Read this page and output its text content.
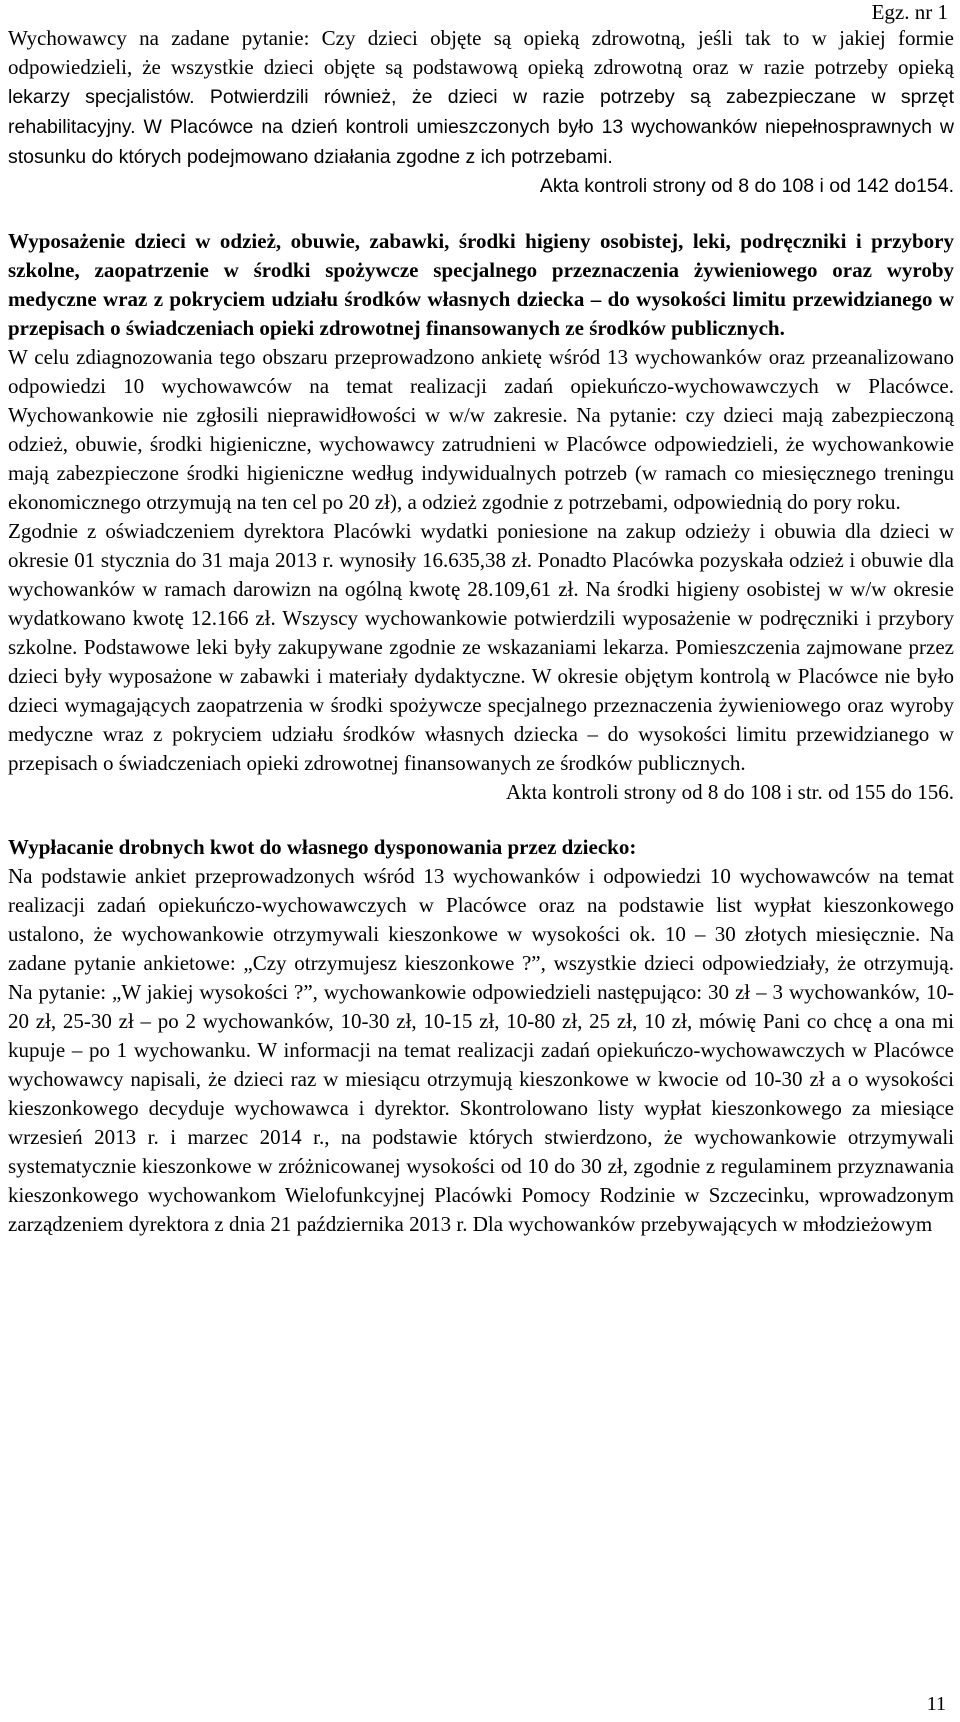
Egz. nr 1

Wychowawcy na zadane pytanie: Czy dzieci objęte są opieką zdrowotną, jeśli tak to w jakiej formie odpowiedzieli, że wszystkie dzieci objęte są podstawową opieką zdrowotną oraz w razie potrzeby opieką lekarzy specjalistów. Potwierdzili również, że dzieci w razie potrzeby są zabezpieczane w sprzęt rehabilitacyjny. W Placówce na dzień kontroli umieszczonych było 13 wychowanków niepełnosprawnych w stosunku do których podejmowano działania zgodne z ich potrzebami.

Akta kontroli strony od 8 do 108 i od 142 do154.

Wyposażenie dzieci w odzież, obuwie, zabawki, środki higieny osobistej, leki, podręczniki i przybory szkolne, zaopatrzenie w środki spożywcze specjalnego przeznaczenia żywieniowego oraz wyroby medyczne wraz z pokryciem udziału środków własnych dziecka – do wysokości limitu przewidzianego w przepisach o świadczeniach opieki zdrowotnej finansowanych ze środków publicznych.

W celu zdiagnozowania tego obszaru przeprowadzono ankietę wśród 13 wychowanków oraz przeanalizowano odpowiedzi 10 wychowawców na temat realizacji zadań opiekuńczo-wychowawczych w Placówce. Wychowankowie nie zgłosili nieprawidłowości w w/w zakresie. Na pytanie: czy dzieci mają zabezpieczoną odzież, obuwie, środki higieniczne, wychowawcy zatrudnieni w Placówce odpowiedzieli, że wychowankowie mają zabezpieczone środki higieniczne według indywidualnych potrzeb (w ramach co miesięcznego treningu ekonomicznego otrzymują na ten cel po 20 zł), a odzież zgodnie z potrzebami, odpowiednią do pory roku.

Zgodnie z oświadczeniem dyrektora Placówki wydatki poniesione na zakup odzieży i obuwia dla dzieci w okresie 01 stycznia do 31 maja 2013 r. wynosiły 16.635,38 zł. Ponadto Placówka pozyskała odzież i obuwie dla wychowanków w ramach darowizn na ogólną kwotę 28.109,61 zł. Na środki higieny osobistej w w/w okresie wydatkowano kwotę 12.166 zł. Wszyscy wychowankowie potwierdzili wyposażenie w podręczniki i przybory szkolne. Podstawowe leki były zakupywane zgodnie ze wskazaniami lekarza. Pomieszczenia zajmowane przez dzieci były wyposażone w zabawki i materiały dydaktyczne. W okresie objętym kontrolą w Placówce nie było dzieci wymagających zaopatrzenia w środki spożywcze specjalnego przeznaczenia żywieniowego oraz wyroby medyczne wraz z pokryciem udziału środków własnych dziecka – do wysokości limitu przewidzianego w przepisach o świadczeniach opieki zdrowotnej finansowanych ze środków publicznych.

Akta kontroli strony od 8 do 108 i str. od 155 do 156.

Wypłacanie drobnych kwot do własnego dysponowania przez dziecko:

Na podstawie ankiet przeprowadzonych wśród 13 wychowanków i odpowiedzi 10 wychowawców na temat realizacji zadań opiekuńczo-wychowawczych w Placówce oraz na podstawie list wypłat kieszonkowego ustalono, że wychowankowie otrzymywali kieszonkowe w wysokości ok. 10 – 30 złotych miesięcznie. Na zadane pytanie ankietowe: „Czy otrzymujesz kieszonkowe ?”, wszystkie dzieci odpowiedziały, że otrzymują. Na pytanie: „W jakiej wysokości ?”, wychowankowie odpowiedzieli następująco: 30 zł – 3 wychowanków, 10-20 zł, 25-30 zł – po 2 wychowanków, 10-30 zł, 10-15 zł, 10-80 zł, 25 zł, 10 zł, mówię Pani co chcę a ona mi kupuje – po 1 wychowanku. W informacji na temat realizacji zadań opiekuńczo-wychowawczych w Placówce wychowawcy napisali, że dzieci raz w miesiącu otrzymują kieszonkowe w kwocie od 10-30 zł a o wysokości kieszonkowego decyduje wychowawca i dyrektor. Skontrolowano listy wypłat kieszonkowego za miesiące wrzesień 2013 r. i marzec 2014 r., na podstawie których stwierdzono, że wychowankowie otrzymywali systematycznie kieszonkowe w zróżnicowanej wysokości od 10 do 30 zł, zgodnie z regulaminem przyznawania kieszonkowego wychowankom Wielofunkcyjnej Placówki Pomocy Rodzinie w Szczecinku, wprowadzonym zarządzeniem dyrektora z dnia 21 października 2013 r. Dla wychowanków przebywających w młodzieżowym

11
